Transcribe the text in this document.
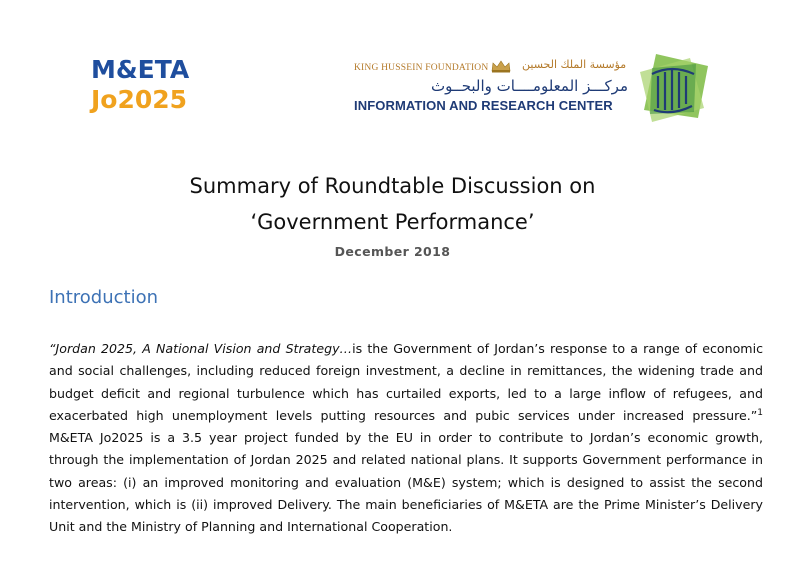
M&ETA
Jo2025
KING HUSSEIN FOUNDATION	مؤسسة الملك الحسين
مركـــز المعلومــــات والبحــوث
INFORMATION AND RESEARCH CENTER
Summary of Roundtable Discussion on
‘Government Performance’
December 2018
Introduction

“Jordan 2025, A National Vision and Strategy…is the Government of Jordan’s response to a range of economic and social challenges, including reduced foreign investment, a decline in remittances, the widening trade and budget deficit and regional turbulence which has curtailed exports, led to a large inflow of refugees, and exacerbated high unemployment levels putting resources and pubic services under increased pressure.”$^1$ M&ETA Jo2025 is a 3.5 year project funded by the EU in order to contribute to Jordan’s economic growth, through the implementation of Jordan 2025 and related national plans. It supports Government performance in two areas: (i) an improved monitoring and evaluation (M&E) system; which is designed to assist the second intervention, which is (ii) improved Delivery. The main beneficiaries of M&ETA are the Prime Minister’s Delivery Unit and the Ministry of Planning and International Cooperation.
